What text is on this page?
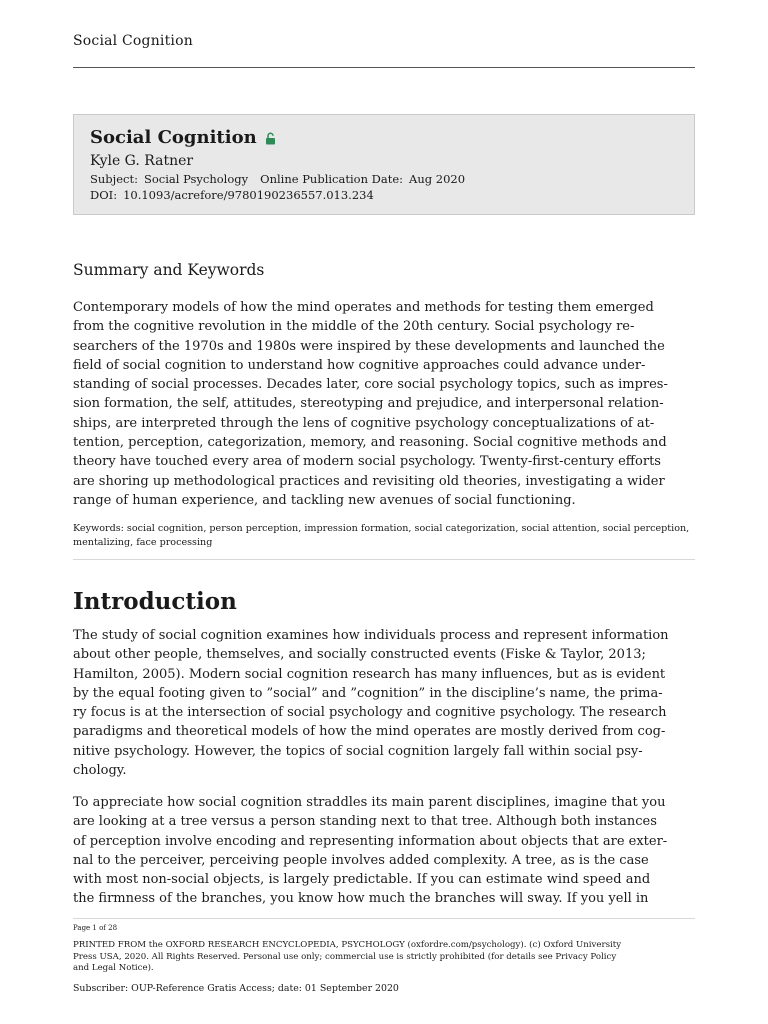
Social Cognition
Social Cognition
Kyle G. Ratner
Subject: Social Psychology Online Publication Date: Aug 2020
DOI: 10.1093/acrefore/9780190236557.013.234
Summary and Keywords
Contemporary models of how the mind operates and methods for testing them emerged
from the cognitive revolution in the middle of the 20th century. Social psychology re-
searchers of the 1970s and 1980s were inspired by these developments and launched the
field of social cognition to understand how cognitive approaches could advance under-
standing of social processes. Decades later, core social psychology topics, such as impres-
sion formation, the self, attitudes, stereotyping and prejudice, and interpersonal relation-
ships, are interpreted through the lens of cognitive psychology conceptualizations of at-
tention, perception, categorization, memory, and reasoning. Social cognitive methods and
theory have touched every area of modern social psychology. Twenty-first-century efforts
are shoring up methodological practices and revisiting old theories, investigating a wider
range of human experience, and tackling new avenues of social functioning.

Keywords: social cognition, person perception, impression formation, social categorization, social attention, social perception, mentalizing, face processing

Introduction
The study of social cognition examines how individuals process and represent information
about other people, themselves, and socially constructed events (Fiske & Taylor, 2013;
Hamilton, 2005). Modern social cognition research has many influences, but as is evident
by the equal footing given to ”social” and ”cognition” in the discipline’s name, the prima-
ry focus is at the intersection of social psychology and cognitive psychology. The research
paradigms and theoretical models of how the mind operates are mostly derived from cog-
nitive psychology. However, the topics of social cognition largely fall within social psy-
chology.
To appreciate how social cognition straddles its main parent disciplines, imagine that you
are looking at a tree versus a person standing next to that tree. Although both instances
of perception involve encoding and representing information about objects that are exter-
nal to the perceiver, perceiving people involves added complexity. A tree, as is the case
with most non-social objects, is largely predictable. If you can estimate wind speed and
the firmness of the branches, you know how much the branches will sway. If you yell in
Page 1 of 28
PRINTED FROM the OXFORD RESEARCH ENCYCLOPEDIA, PSYCHOLOGY (oxfordre.com/psychology). (c) Oxford University
Press USA, 2020. All Rights Reserved. Personal use only; commercial use is strictly prohibited (for details see Privacy Policy
and Legal Notice).
Subscriber: OUP-Reference Gratis Access; date: 01 September 2020
